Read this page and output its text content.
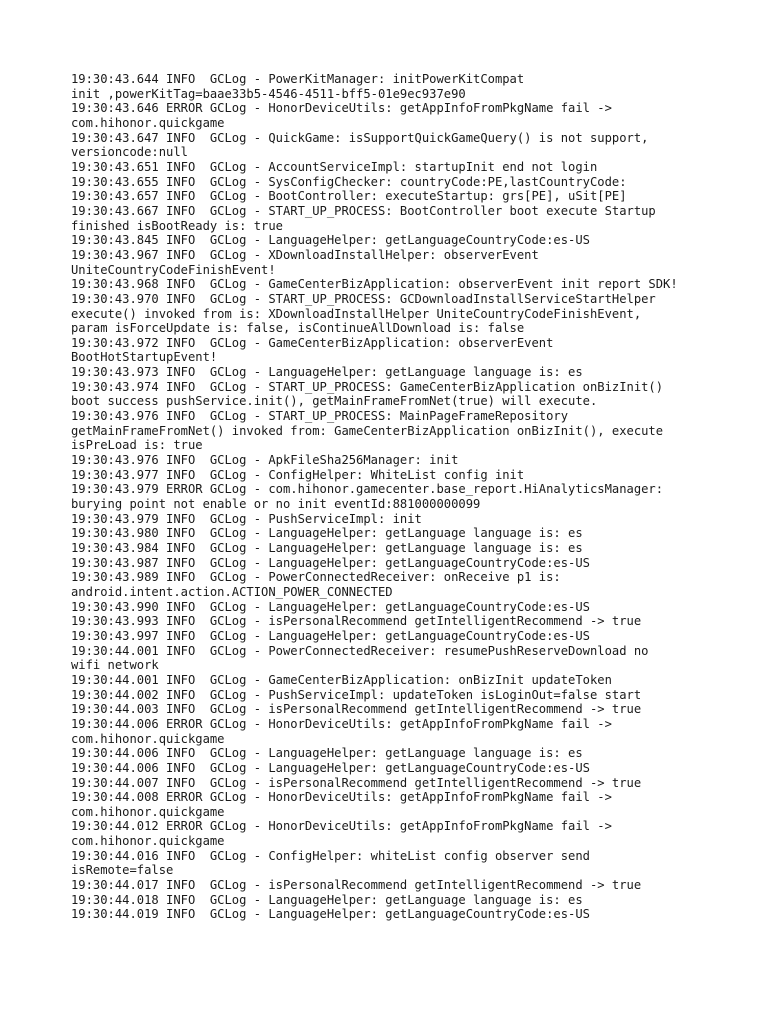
19:30:43.644 INFO  GCLog - PowerKitManager: initPowerKitCompat
init ,powerKitTag=baae33b5-4546-4511-bff5-01e9ec937e90
19:30:43.646 ERROR GCLog - HonorDeviceUtils: getAppInfoFromPkgName fail ->
com.hihonor.quickgame
19:30:43.647 INFO  GCLog - QuickGame: isSupportQuickGameQuery() is not support,
versioncode:null
19:30:43.651 INFO  GCLog - AccountServiceImpl: startupInit end not login
19:30:43.655 INFO  GCLog - SysConfigChecker: countryCode:PE,lastCountryCode:
19:30:43.657 INFO  GCLog - BootController: executeStartup: grs[PE], uSit[PE]
19:30:43.667 INFO  GCLog - START_UP_PROCESS: BootController boot execute Startup
finished isBootReady is: true
19:30:43.845 INFO  GCLog - LanguageHelper: getLanguageCountryCode:es-US
19:30:43.967 INFO  GCLog - XDownloadInstallHelper: observerEvent
UniteCountryCodeFinishEvent!
19:30:43.968 INFO  GCLog - GameCenterBizApplication: observerEvent init report SDK!
19:30:43.970 INFO  GCLog - START_UP_PROCESS: GCDownloadInstallServiceStartHelper
execute() invoked from is: XDownloadInstallHelper UniteCountryCodeFinishEvent,
param isForceUpdate is: false, isContinueAllDownload is: false
19:30:43.972 INFO  GCLog - GameCenterBizApplication: observerEvent
BootHotStartupEvent!
19:30:43.973 INFO  GCLog - LanguageHelper: getLanguage language is: es
19:30:43.974 INFO  GCLog - START_UP_PROCESS: GameCenterBizApplication onBizInit()
boot success pushService.init(), getMainFrameFromNet(true) will execute.
19:30:43.976 INFO  GCLog - START_UP_PROCESS: MainPageFrameRepository
getMainFrameFromNet() invoked from: GameCenterBizApplication onBizInit(), execute
isPreLoad is: true
19:30:43.976 INFO  GCLog - ApkFileSha256Manager: init
19:30:43.977 INFO  GCLog - ConfigHelper: WhiteList config init
19:30:43.979 ERROR GCLog - com.hihonor.gamecenter.base_report.HiAnalyticsManager:
burying point not enable or no init eventId:881000000099
19:30:43.979 INFO  GCLog - PushServiceImpl: init
19:30:43.980 INFO  GCLog - LanguageHelper: getLanguage language is: es
19:30:43.984 INFO  GCLog - LanguageHelper: getLanguage language is: es
19:30:43.987 INFO  GCLog - LanguageHelper: getLanguageCountryCode:es-US
19:30:43.989 INFO  GCLog - PowerConnectedReceiver: onReceive p1 is:
android.intent.action.ACTION_POWER_CONNECTED
19:30:43.990 INFO  GCLog - LanguageHelper: getLanguageCountryCode:es-US
19:30:43.993 INFO  GCLog - isPersonalRecommend getIntelligentRecommend -> true
19:30:43.997 INFO  GCLog - LanguageHelper: getLanguageCountryCode:es-US
19:30:44.001 INFO  GCLog - PowerConnectedReceiver: resumePushReserveDownload no
wifi network
19:30:44.001 INFO  GCLog - GameCenterBizApplication: onBizInit updateToken
19:30:44.002 INFO  GCLog - PushServiceImpl: updateToken isLoginOut=false start
19:30:44.003 INFO  GCLog - isPersonalRecommend getIntelligentRecommend -> true
19:30:44.006 ERROR GCLog - HonorDeviceUtils: getAppInfoFromPkgName fail ->
com.hihonor.quickgame
19:30:44.006 INFO  GCLog - LanguageHelper: getLanguage language is: es
19:30:44.006 INFO  GCLog - LanguageHelper: getLanguageCountryCode:es-US
19:30:44.007 INFO  GCLog - isPersonalRecommend getIntelligentRecommend -> true
19:30:44.008 ERROR GCLog - HonorDeviceUtils: getAppInfoFromPkgName fail ->
com.hihonor.quickgame
19:30:44.012 ERROR GCLog - HonorDeviceUtils: getAppInfoFromPkgName fail ->
com.hihonor.quickgame
19:30:44.016 INFO  GCLog - ConfigHelper: whiteList config observer send
isRemote=false
19:30:44.017 INFO  GCLog - isPersonalRecommend getIntelligentRecommend -> true
19:30:44.018 INFO  GCLog - LanguageHelper: getLanguage language is: es
19:30:44.019 INFO  GCLog - LanguageHelper: getLanguageCountryCode:es-US
